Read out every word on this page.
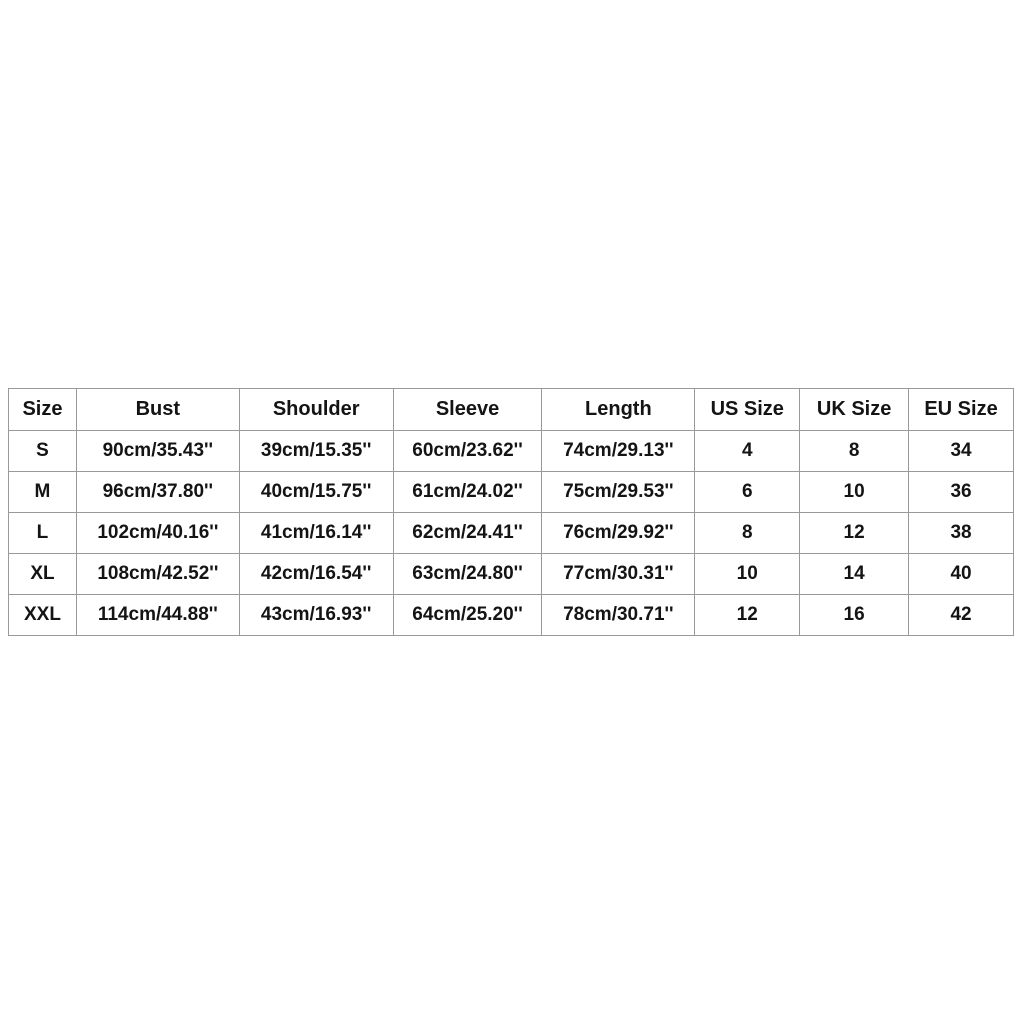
Size	Bust	Shoulder	Sleeve	Length	US Size	UK Size	EU Size
S	90cm/35.43''	39cm/15.35''	60cm/23.62''	74cm/29.13''	4	8	34
M	96cm/37.80''	40cm/15.75''	61cm/24.02''	75cm/29.53''	6	10	36
L	102cm/40.16''	41cm/16.14''	62cm/24.41''	76cm/29.92''	8	12	38
XL	108cm/42.52''	42cm/16.54''	63cm/24.80''	77cm/30.31''	10	14	40
XXL	114cm/44.88''	43cm/16.93''	64cm/25.20''	78cm/30.71''	12	16	42
